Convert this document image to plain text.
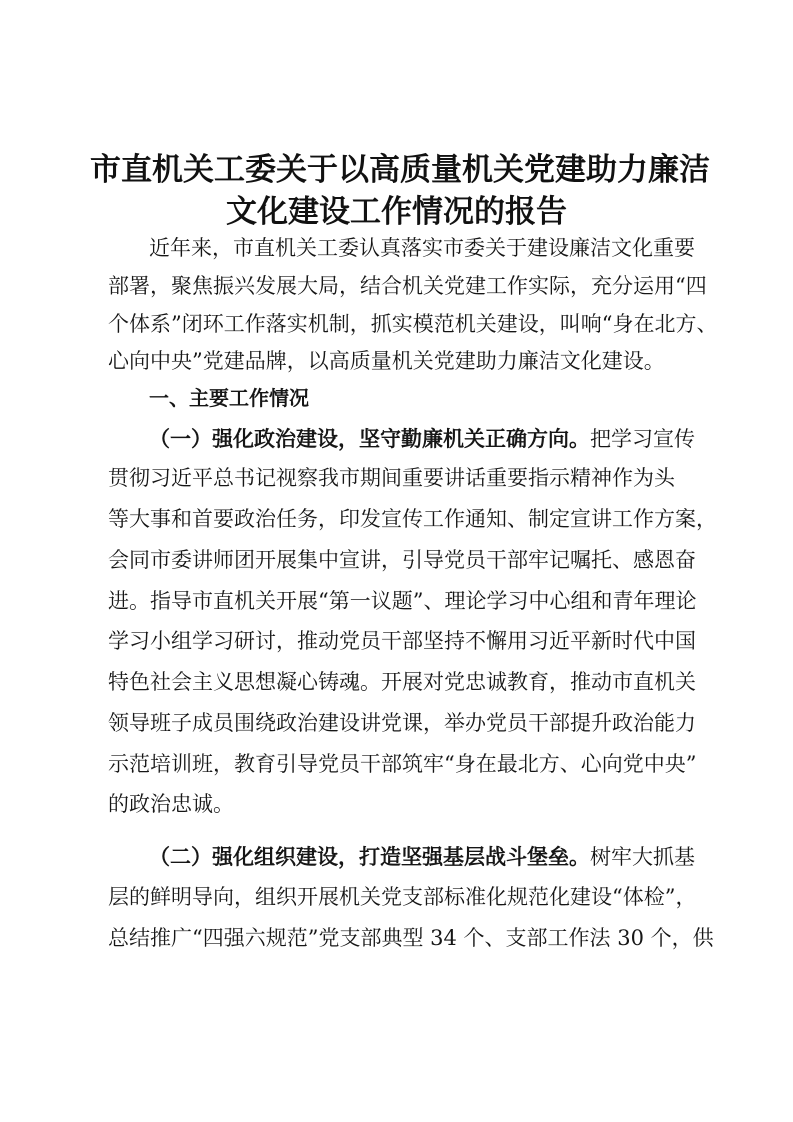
市直机关工委关于以高质量机关党建助力廉洁
文化建设工作情况的报告
近年来，市直机关工委认真落实市委关于建设廉洁文化重要
部署，聚焦振兴发展大局，结合机关党建工作实际，充分运用“四
个体系”闭环工作落实机制，抓实模范机关建设，叫响“身在北方、
心向中央”党建品牌，以高质量机关党建助力廉洁文化建设。
一、主要工作情况
（一）强化政治建设，坚守勤廉机关正确方向。把学习宣传
贯彻习近平总书记视察我市期间重要讲话重要指示精神作为头
等大事和首要政治任务，印发宣传工作通知、制定宣讲工作方案，
会同市委讲师团开展集中宣讲，引导党员干部牢记嘱托、感恩奋
进。指导市直机关开展“第一议题”、理论学习中心组和青年理论
学习小组学习研讨，推动党员干部坚持不懈用习近平新时代中国
特色社会主义思想凝心铸魂。开展对党忠诚教育，推动市直机关
领导班子成员围绕政治建设讲党课，举办党员干部提升政治能力
示范培训班，教育引导党员干部筑牢“身在最北方、心向党中央”
的政治忠诚。
（二）强化组织建设，打造坚强基层战斗堡垒。树牢大抓基
层的鲜明导向，组织开展机关党支部标准化规范化建设“体检”，
总结推广“四强六规范”党支部典型 34 个、支部工作法 30 个，供
